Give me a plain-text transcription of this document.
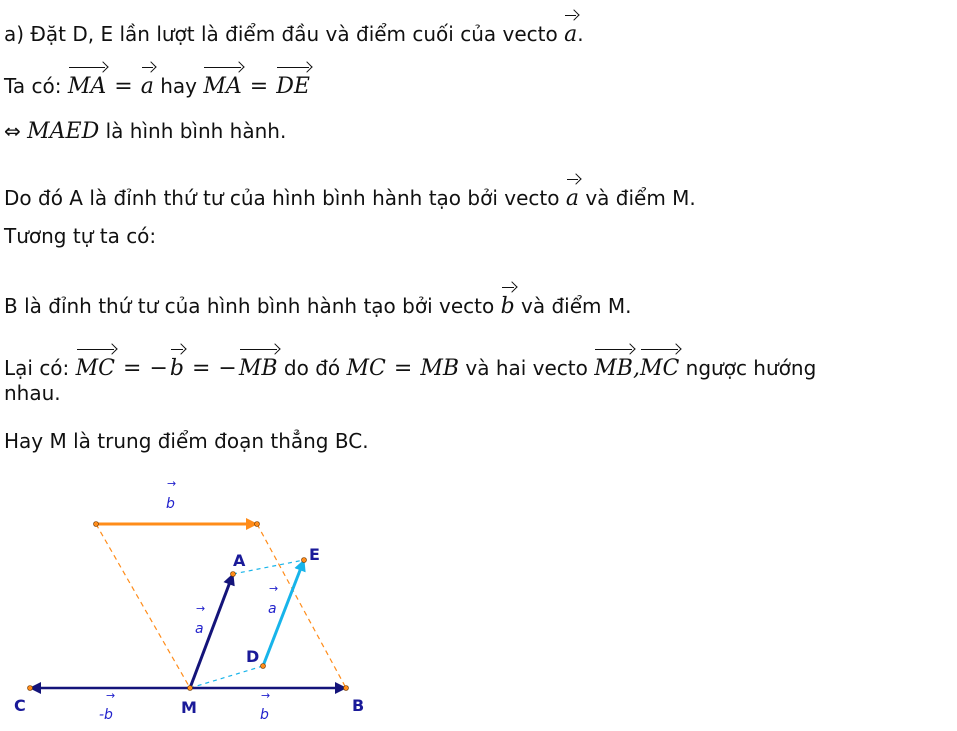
a) Đặt D, E lần lượt là điểm đầu và điểm cuối của vecto a.
Ta có: MA = a hay MA = DE
⇔ MAED là hình bình hành.
Do đó A là đỉnh thứ tư của hình bình hành tạo bởi vecto a và điểm M.
Tương tự ta có:
B là đỉnh thứ tư của hình bình hành tạo bởi vecto b và điểm M.
Lại có: MC = −b = −MB do đó MC = MB và hai vecto MB,MC ngược hướng
nhau.
Hay M là trung điểm đoạn thẳng BC.
A	E
D
M	B
C
→
b
→
a
→
a
→
-b
→
b
